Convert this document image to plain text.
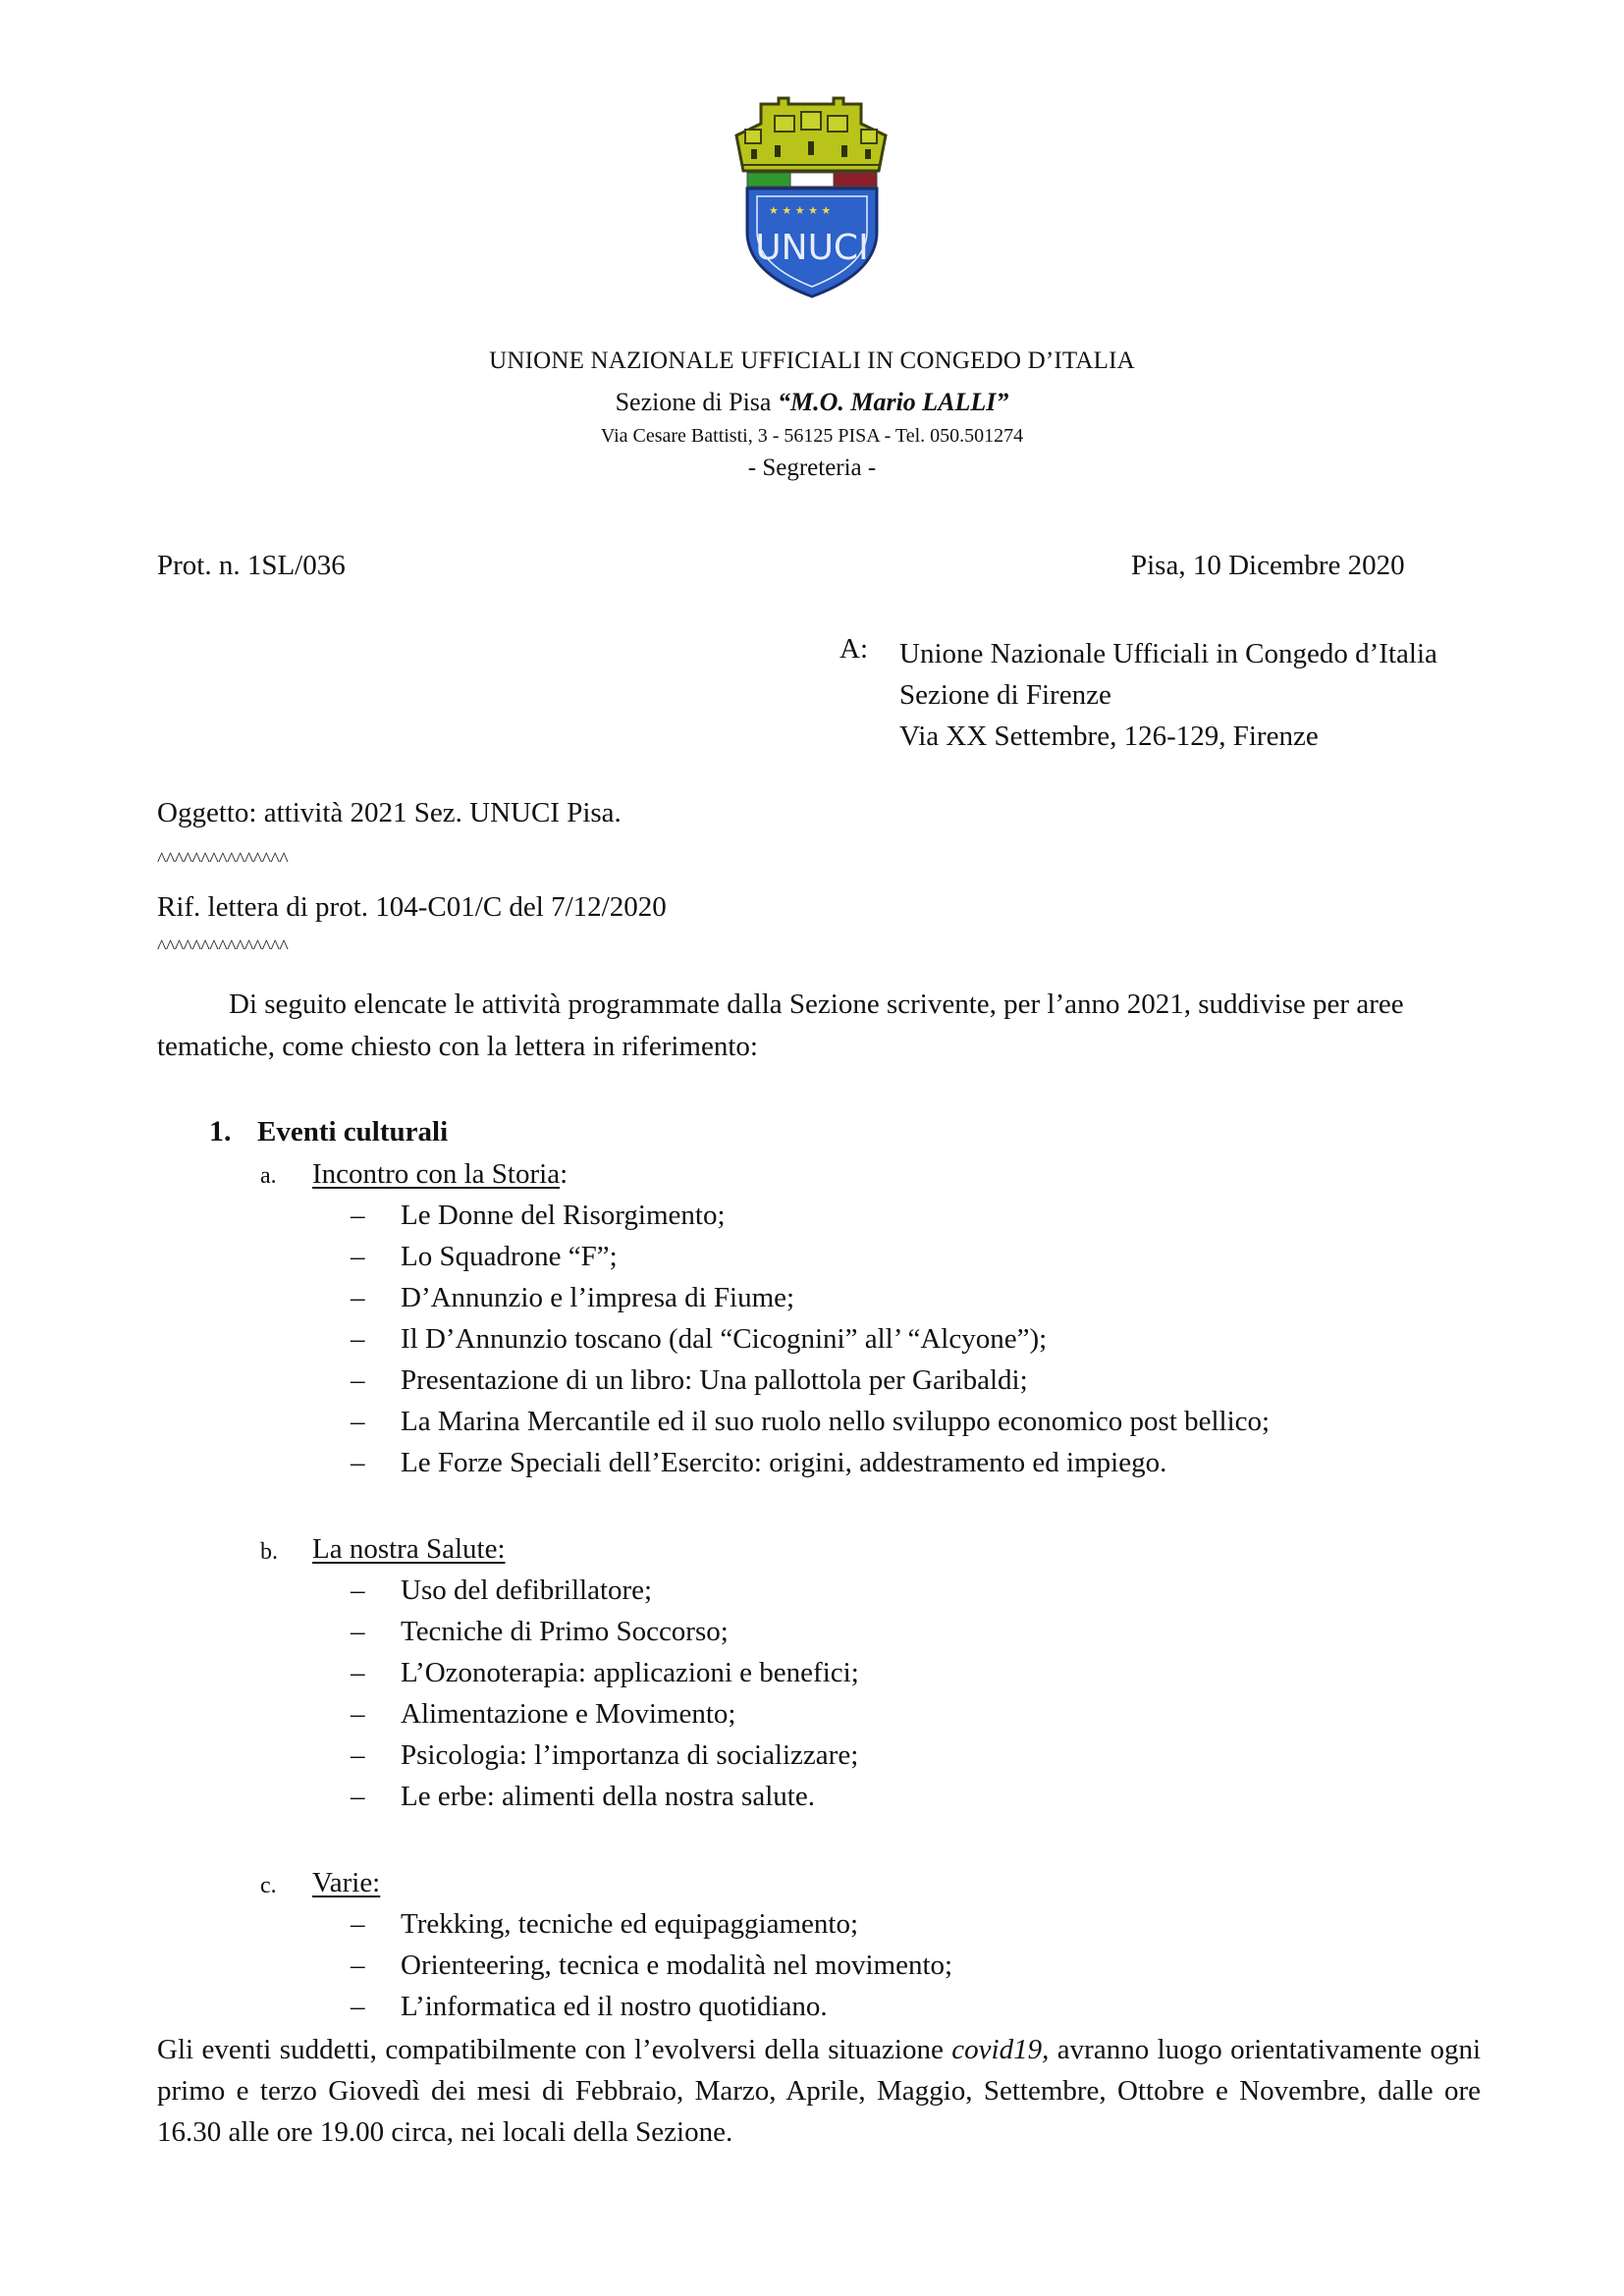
★ ★ ★ ★ ★
UNUCI
UNIONE NAZIONALE UFFICIALI IN CONGEDO D’ITALIA
Sezione di Pisa “M.O. Mario LALLI”
Via Cesare Battisti, 3 - 56125 PISA - Tel. 050.501274
- Segreteria -
Prot. n. 1SL/036	Pisa, 10 Dicembre 2020
A: Unione Nazionale Ufficiali in Congedo d’Italia
Sezione di Firenze
Via XX Settembre, 126-129, Firenze
Oggetto: attività 2021 Sez. UNUCI Pisa.
^^^^^^^^^^^^^^^
Rif. lettera di prot. 104-C01/C del 7/12/2020
^^^^^^^^^^^^^^^
Di seguito elencate le attività programmate dalla Sezione scrivente, per l’anno 2021, suddivise per aree
tematiche, come chiesto con la lettera in riferimento:
1. Eventi culturali
a. Incontro con la Storia:
– Le Donne del Risorgimento;
– Lo Squadrone “F”;
– D’Annunzio e l’impresa di Fiume;
– Il D’Annunzio toscano (dal “Cicognini” all’ “Alcyone”);
– Presentazione di un libro: Una pallottola per Garibaldi;
– La Marina Mercantile ed il suo ruolo nello sviluppo economico post bellico;
– Le Forze Speciali dell’Esercito: origini, addestramento ed impiego.
b. La nostra Salute:
– Uso del defibrillatore;
– Tecniche di Primo Soccorso;
– L’Ozonoterapia: applicazioni e benefici;
– Alimentazione e Movimento;
– Psicologia: l’importanza di socializzare;
– Le erbe: alimenti della nostra salute.
c. Varie:
– Trekking, tecniche ed equipaggiamento;
– Orienteering, tecnica e modalità nel movimento;
– L’informatica ed il nostro quotidiano.
Gli eventi suddetti, compatibilmente con l’evolversi della situazione covid19, avranno luogo orientativamente ogni primo e terzo Giovedì dei mesi di Febbraio, Marzo, Aprile, Maggio, Settembre, Ottobre e Novembre, dalle ore 16.30 alle ore 19.00 circa, nei locali della Sezione.
